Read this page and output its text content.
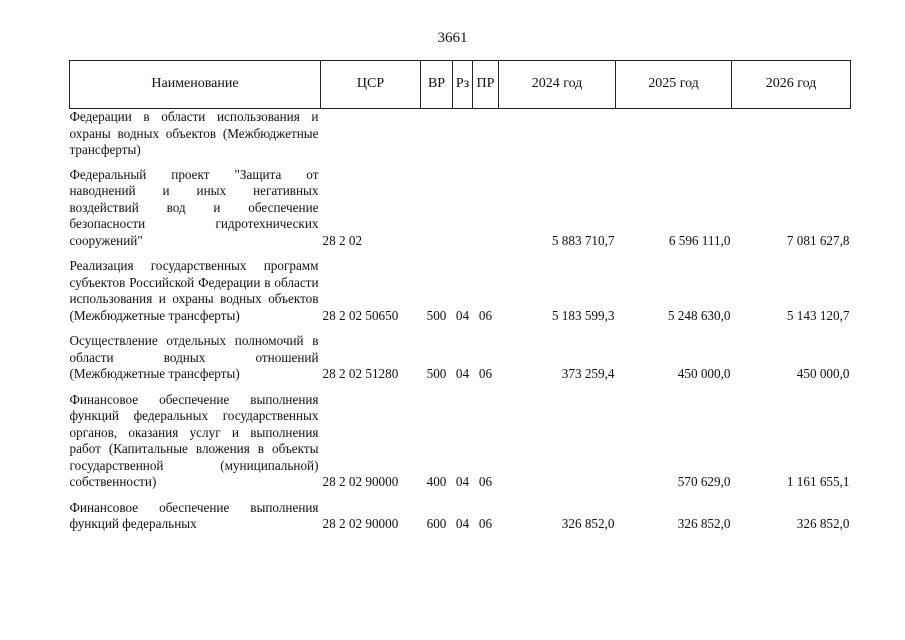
3661
Наименование	ЦСР	ВР	Рз	ПР	2024 год	2025 год	2026 год
Федерации в области использования и охраны водных объектов (Межбюджетные трансферты)							
Федеральный проект "Защита от наводнений и иных негативных воздействий вод и обеспечение безопасности гидротехнических сооружений"	28 2 02				5 883 710,7	6 596 111,0	7 081 627,8
Реализация государственных программ субъектов Российской Федерации в области использования и охраны водных объектов (Межбюджетные трансферты)	28 2 02 50650	500	04	06	5 183 599,3	5 248 630,0	5 143 120,7
Осуществление отдельных полномочий в области водных отношений (Межбюджетные трансферты)	28 2 02 51280	500	04	06	373 259,4	450 000,0	450 000,0
Финансовое обеспечение выполнения функций федеральных государственных органов, оказания услуг и выполнения работ (Капитальные вложения в объекты государственной (муниципальной) собственности)	28 2 02 90000	400	04	06		570 629,0	1 161 655,1
Финансовое обеспечение выполнения функций федеральных	28 2 02 90000	600	04	06	326 852,0	326 852,0	326 852,0
